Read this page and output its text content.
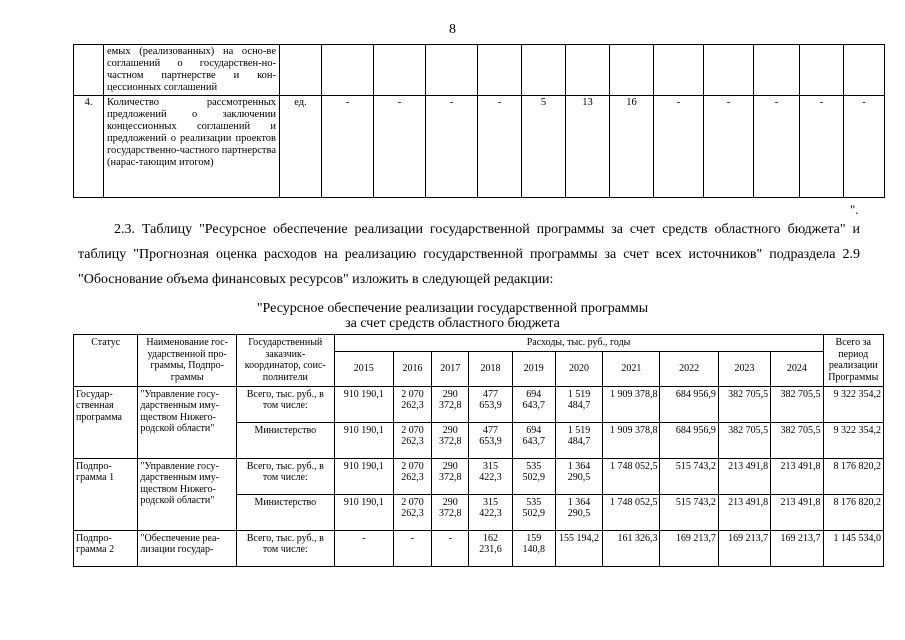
8
	емых (реализованных) на осно-ве соглашений о государствен-но-частном партнерстве и кон-цессионных соглашений													
4.	Количество рассмотренных предложений о заключении концессионных соглашений и предложений о реализации проектов государственно-частного партнерства (нарас-тающим итогом)	ед.	-	-	-	-	5	13	16	-	-	-	-	-
".
2.3. Таблицу "Ресурсное обеспечение реализации государственной программы за счет средств областного бюджета" и таблицу "Прогнозная оценка расходов на реализацию государственной программы за счет всех источников" подраздела 2.9 "Обоснование объема финансовых ресурсов" изложить в следующей редакции:
"Ресурсное обеспечение реализации государственной программы
за счет средств областного бюджета
Статус	Наименование гос-ударственной про-граммы, Подпро-граммы	Государственный заказчик-координатор, соис-полнители	Расходы, тыс. руб., годы										Всего за период реализации Программы
			2015	2016	2017	2018	2019	2020	2021	2022	2023	2024	
Государ-ственная программа	"Управление госу-дарственным иму-ществом Нижего-родской области"	Всего, тыс. руб., в том числе:	910 190,1	2 070 262,3	290 372,8	477 653,9	694 643,7	1 519 484,7	1 909 378,8	684 956,9	382 705,5	382 705,5	9 322 354,2
		Министерство	910 190,1	2 070 262,3	290 372,8	477 653,9	694 643,7	1 519 484,7	1 909 378,8	684 956,9	382 705,5	382 705,5	9 322 354,2
Подпро-грамма 1	"Управление госу-дарственным иму-ществом Нижего-родской области"	Всего, тыс. руб., в том числе:	910 190,1	2 070 262,3	290 372,8	315 422,3	535 502,9	1 364 290,5	1 748 052,5	515 743,2	213 491,8	213 491,8	8 176 820,2
		Министерство	910 190,1	2 070 262,3	290 372,8	315 422,3	535 502,9	1 364 290,5	1 748 052,5	515 743,2	213 491,8	213 491,8	8 176 820,2
Подпро-грамма 2	"Обеспечение реа-лизации государ-	Всего, тыс. руб., в том числе:	-	-	-	162 231,6	159 140,8	155 194,2	161 326,3	169 213,7	169 213,7	169 213,7	1 145 534,0
